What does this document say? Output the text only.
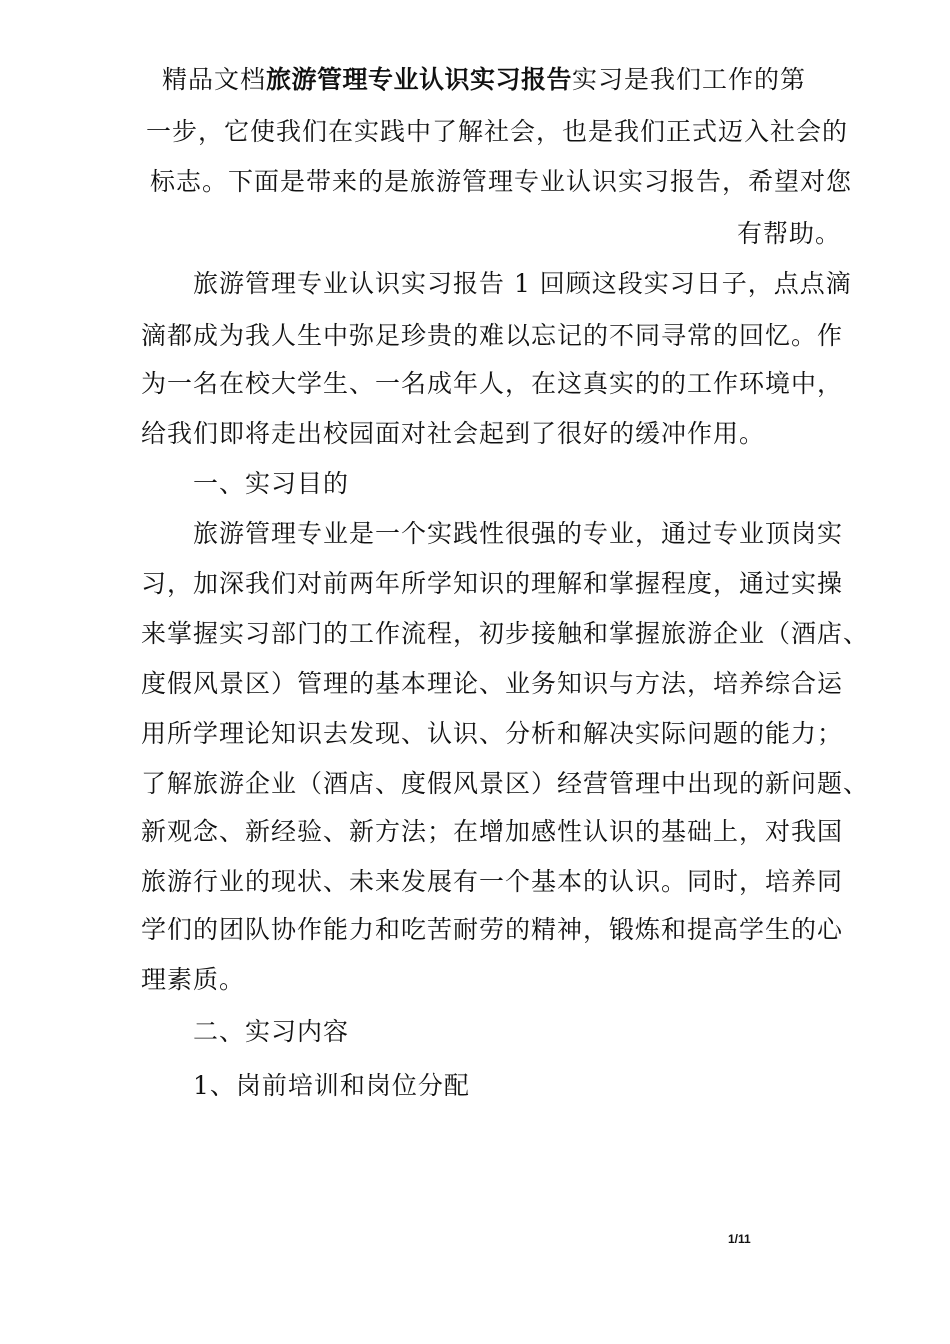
精品文档旅游管理专业认识实习报告实习是我们工作的第
一步，它使我们在实践中了解社会，也是我们正式迈入社会的
标志。下面是带来的是旅游管理专业认识实习报告，希望对您
有帮助。
旅游管理专业认识实习报告 1 回顾这段实习日子，点点滴
滴都成为我人生中弥足珍贵的难以忘记的不同寻常的回忆。作
为一名在校大学生、一名成年人，在这真实的的工作环境中，
给我们即将走出校园面对社会起到了很好的缓冲作用。
一、实习目的
旅游管理专业是一个实践性很强的专业，通过专业顶岗实
习，加深我们对前两年所学知识的理解和掌握程度，通过实操
来掌握实习部门的工作流程，初步接触和掌握旅游企业（酒店、
度假风景区）管理的基本理论、业务知识与方法，培养综合运
用所学理论知识去发现、认识、分析和解决实际问题的能力；
了解旅游企业（酒店、度假风景区）经营管理中出现的新问题、
新观念、新经验、新方法；在增加感性认识的基础上，对我国
旅游行业的现状、未来发展有一个基本的认识。同时，培养同
学们的团队协作能力和吃苦耐劳的精神，锻炼和提高学生的心
理素质。
二、实习内容
1、岗前培训和岗位分配
1/11
